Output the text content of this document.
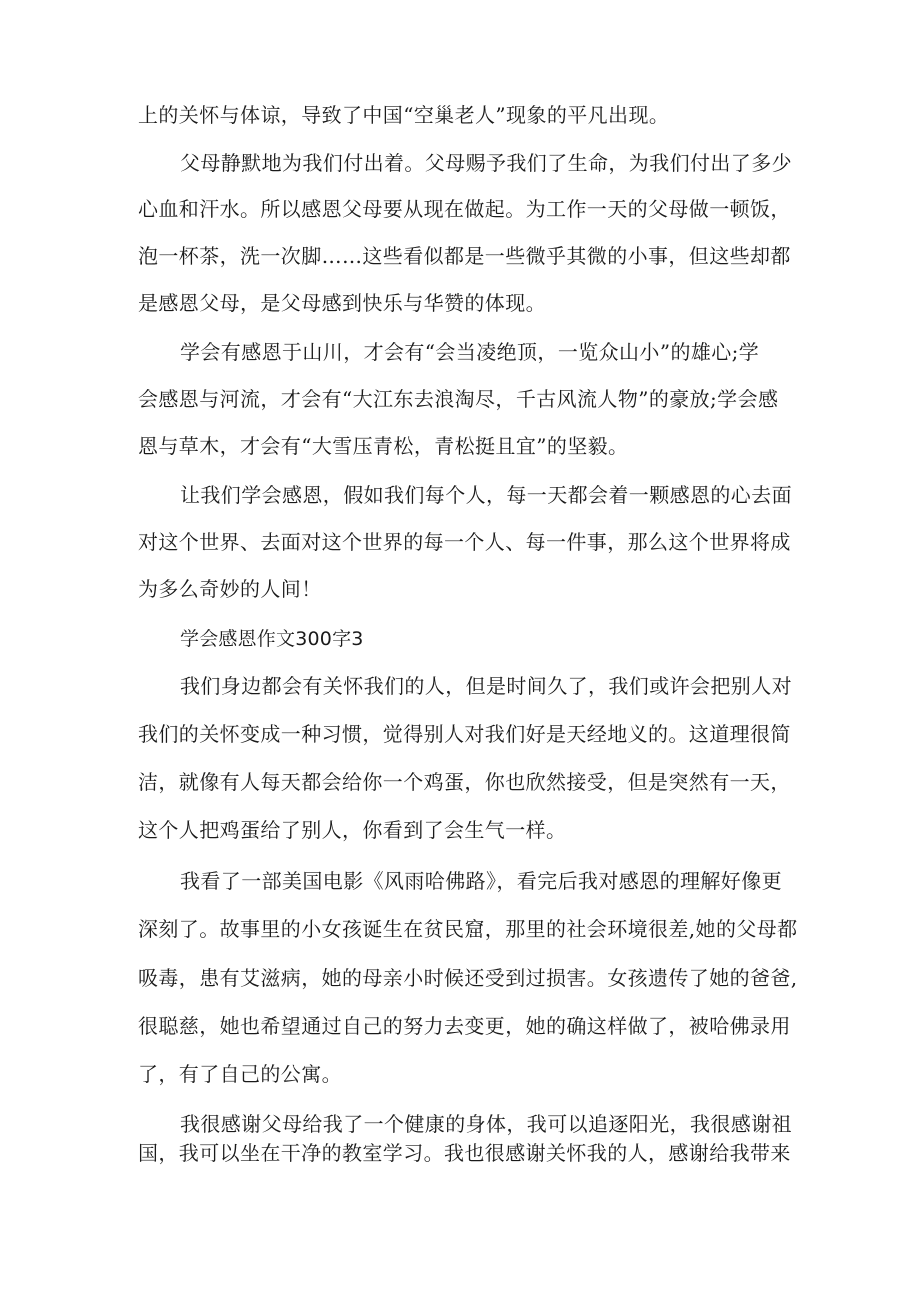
上的关怀与体谅，导致了中国“空巢老人”现象的平凡出现。
父母静默地为我们付出着。父母赐予我们了生命，为我们付出了多少
心血和汗水。所以感恩父母要从现在做起。为工作一天的父母做一顿饭，
泡一杯茶，洗一次脚……这些看似都是一些微乎其微的小事，但这些却都
是感恩父母，是父母感到快乐与华赞的体现。
学会有感恩于山川，才会有“会当凌绝顶，一览众山小”的雄心;学
会感恩与河流，才会有“大江东去浪淘尽，千古风流人物”的豪放;学会感
恩与草木，才会有“大雪压青松，青松挺且宜”的坚毅。
让我们学会感恩，假如我们每个人，每一天都会着一颗感恩的心去面
对这个世界、去面对这个世界的每一个人、每一件事，那么这个世界将成
为多么奇妙的人间！
学会感恩作文300字3
我们身边都会有关怀我们的人，但是时间久了，我们或许会把别人对
我们的关怀变成一种习惯，觉得别人对我们好是天经地义的。这道理很简
洁，就像有人每天都会给你一个鸡蛋，你也欣然接受，但是突然有一天，
这个人把鸡蛋给了别人，你看到了会生气一样。
我看了一部美国电影《风雨哈佛路》，看完后我对感恩的理解好像更
深刻了。故事里的小女孩诞生在贫民窟，那里的社会环境很差,她的父母都
吸毒，患有艾滋病，她的母亲小时候还受到过损害。女孩遗传了她的爸爸,
很聪慈，她也希望通过自己的努力去变更，她的确这样做了，被哈佛录用
了，有了自己的公寓。
我很感谢父母给我了一个健康的身体，我可以追逐阳光，我很感谢祖
国，我可以坐在干净的教室学习。我也很感谢关怀我的人，感谢给我带来
